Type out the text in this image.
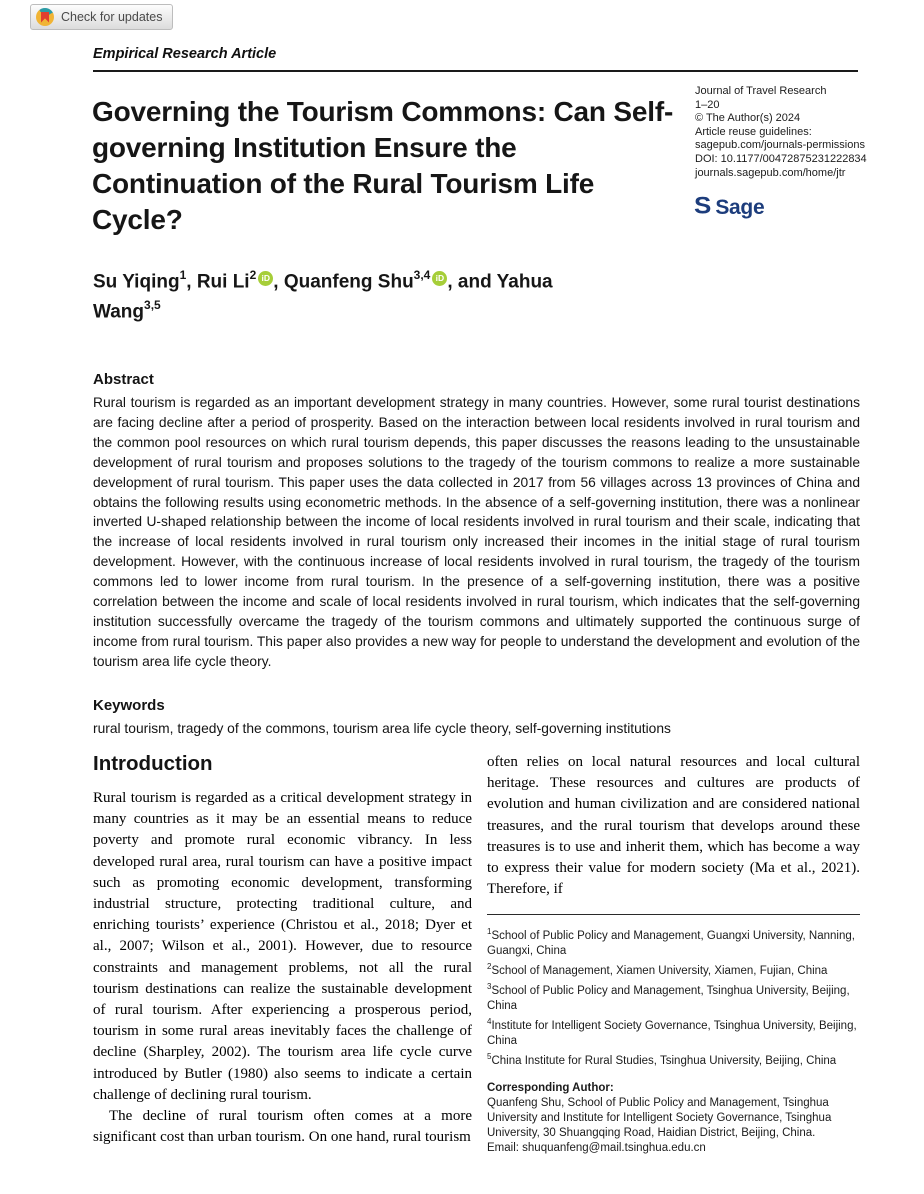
Check for updates
Empirical Research Article
Governing the Tourism Commons: Can Self-governing Institution Ensure the Continuation of the Rural Tourism Life Cycle?
Journal of Travel Research
1–20
© The Author(s) 2024
Article reuse guidelines:
sagepub.com/journals-permissions
DOI: 10.1177/00472875231222834
journals.sagepub.com/home/jtr
S Sage
Su Yiqing$^1$, Rui Li$^2$ iD , Quanfeng Shu$^{3,4}$ iD , and Yahua Wang$^{3,5}$
Abstract
Rural tourism is regarded as an important development strategy in many countries. However, some rural tourist destinations are facing decline after a period of prosperity. Based on the interaction between local residents involved in rural tourism and the common pool resources on which rural tourism depends, this paper discusses the reasons leading to the unsustainable development of rural tourism and proposes solutions to the tragedy of the tourism commons to realize a more sustainable development of rural tourism. This paper uses the data collected in 2017 from 56 villages across 13 provinces of China and obtains the following results using econometric methods. In the absence of a self-governing institution, there was a nonlinear inverted U-shaped relationship between the income of local residents involved in rural tourism and their scale, indicating that the increase of local residents involved in rural tourism only increased their incomes in the initial stage of rural tourism development. However, with the continuous increase of local residents involved in rural tourism, the tragedy of the tourism commons led to lower income from rural tourism. In the presence of a self-governing institution, there was a positive correlation between the income and scale of local residents involved in rural tourism, which indicates that the self-governing institution successfully overcame the tragedy of the tourism commons and ultimately supported the continuous surge of income from rural tourism. This paper also provides a new way for people to understand the development and evolution of the tourism area life cycle theory.
Keywords
rural tourism, tragedy of the commons, tourism area life cycle theory, self-governing institutions
Introduction

Rural tourism is regarded as a critical development strategy in many countries as it may be an essential means to reduce poverty and promote rural economic vibrancy. In less developed rural area, rural tourism can have a positive impact such as promoting economic development, transforming industrial structure, protecting traditional culture, and enriching tourists’ experience (Christou et al., 2018; Dyer et al., 2007; Wilson et al., 2001). However, due to resource constraints and management problems, not all the rural tourism destinations can realize the sustainable development of rural tourism. After experiencing a prosperous period, tourism in some rural areas inevitably faces the challenge of decline (Sharpley, 2002). The tourism area life cycle curve introduced by Butler (1980) also seems to indicate a certain challenge of declining rural tourism.

The decline of rural tourism often comes at a more significant cost than urban tourism. On one hand, rural tourism

often relies on local natural resources and local cultural heritage. These resources and cultures are products of evolution and human civilization and are considered national treasures, and the rural tourism that develops around these treasures is to use and inherit them, which has become a way to express their value for modern society (Ma et al., 2021). Therefore, if

$^1$School of Public Policy and Management, Guangxi University, Nanning, Guangxi, China
$^2$School of Management, Xiamen University, Xiamen, Fujian, China
$^3$School of Public Policy and Management, Tsinghua University, Beijing, China
$^4$Institute for Intelligent Society Governance, Tsinghua University, Beijing, China
$^5$China Institute for Rural Studies, Tsinghua University, Beijing, China
Corresponding Author:
Quanfeng Shu, School of Public Policy and Management, Tsinghua University and Institute for Intelligent Society Governance, Tsinghua University, 30 Shuangqing Road, Haidian District, Beijing, China.
Email: shuquanfeng@mail.tsinghua.edu.cn
